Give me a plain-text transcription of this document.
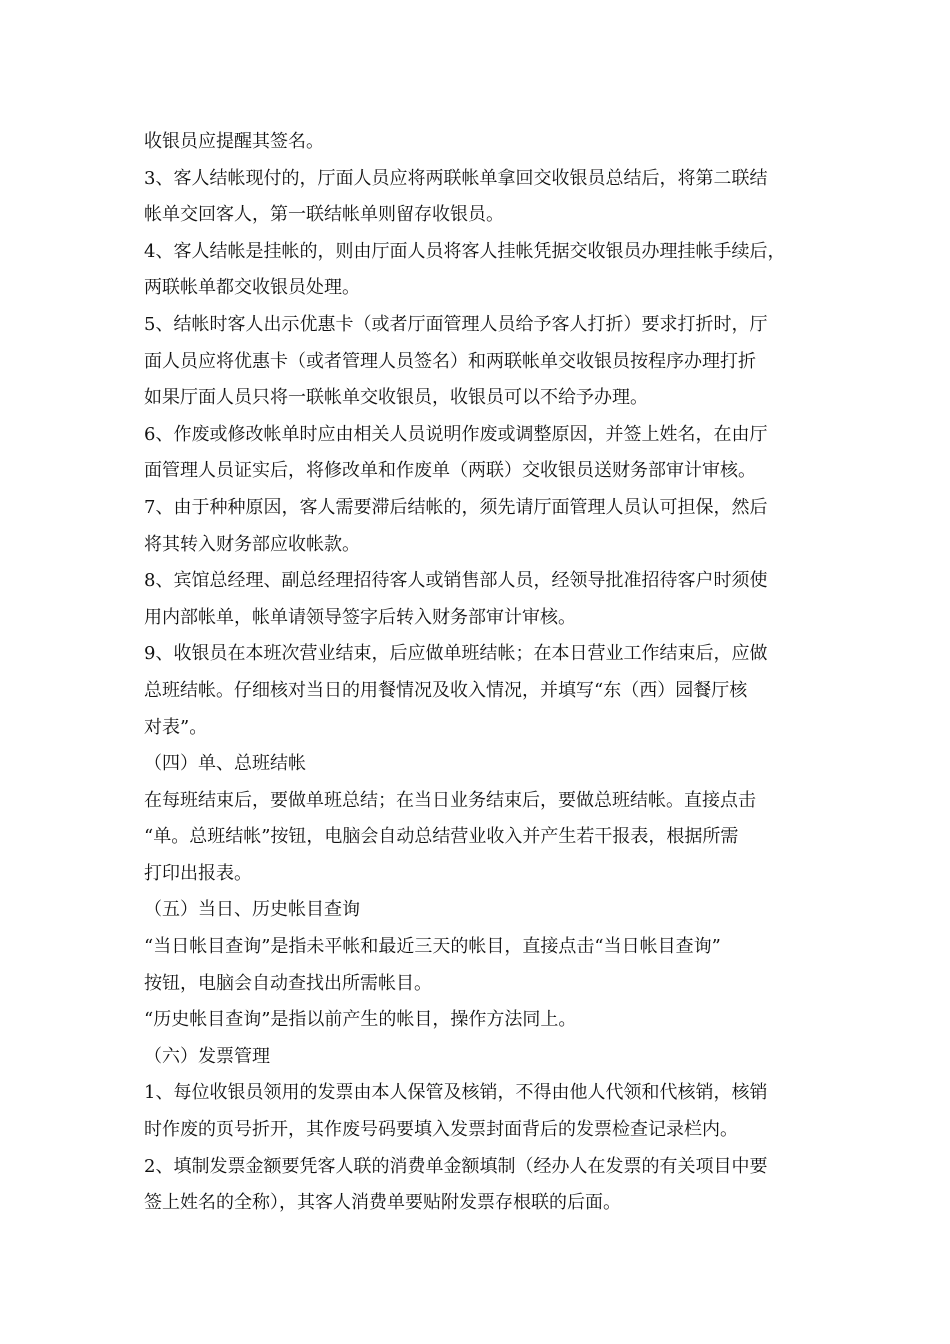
收银员应提醒其签名。
3、客人结帐现付的，厅面人员应将两联帐单拿回交收银员总结后，将第二联结
帐单交回客人，第一联结帐单则留存收银员。
4、客人结帐是挂帐的，则由厅面人员将客人挂帐凭据交收银员办理挂帐手续后，
两联帐单都交收银员处理。
5、结帐时客人出示优惠卡（或者厅面管理人员给予客人打折）要求打折时，厅
面人员应将优惠卡（或者管理人员签名）和两联帐单交收银员按程序办理打折
如果厅面人员只将一联帐单交收银员，收银员可以不给予办理。
6、作废或修改帐单时应由相关人员说明作废或调整原因，并签上姓名，在由厅
面管理人员证实后，将修改单和作废单（两联）交收银员送财务部审计审核。
7、由于种种原因，客人需要滞后结帐的，须先请厅面管理人员认可担保，然后
将其转入财务部应收帐款。
8、宾馆总经理、副总经理招待客人或销售部人员，经领导批准招待客户时须使
用内部帐单，帐单请领导签字后转入财务部审计审核。
9、收银员在本班次营业结束，后应做单班结帐；在本日营业工作结束后，应做
总班结帐。仔细核对当日的用餐情况及收入情况，并填写“东（西）园餐厅核
对表”。
（四）单、总班结帐
在每班结束后，要做单班总结；在当日业务结束后，要做总班结帐。直接点击
“单。总班结帐”按钮，电脑会自动总结营业收入并产生若干报表，根据所需
打印出报表。
（五）当日、历史帐目查询
“当日帐目查询”是指未平帐和最近三天的帐目，直接点击“当日帐目查询”
按钮，电脑会自动查找出所需帐目。
“历史帐目查询”是指以前产生的帐目，操作方法同上。
（六）发票管理
1、每位收银员领用的发票由本人保管及核销，不得由他人代领和代核销，核销
时作废的页号折开，其作废号码要填入发票封面背后的发票检查记录栏内。
2、填制发票金额要凭客人联的消费单金额填制（经办人在发票的有关项目中要
签上姓名的全称），其客人消费单要贴附发票存根联的后面。
